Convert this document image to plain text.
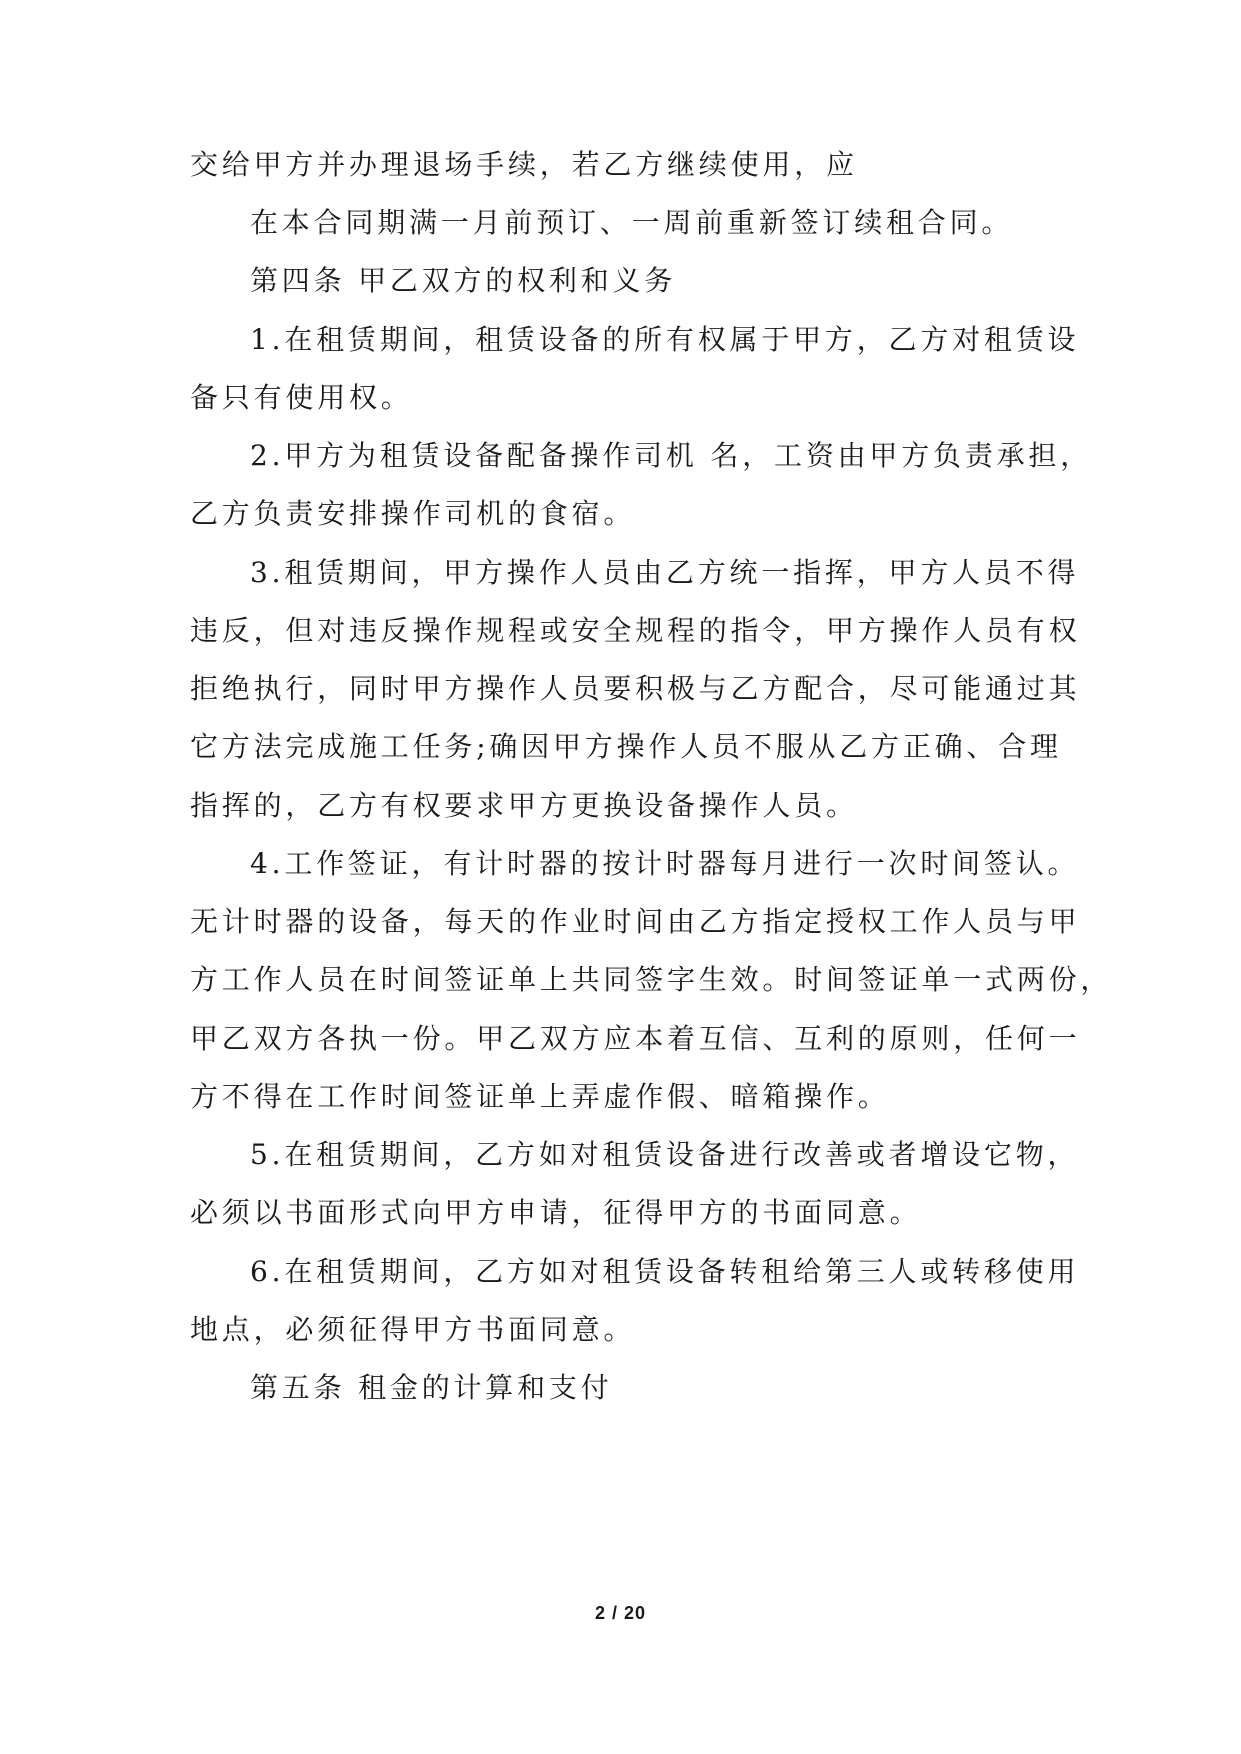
交给甲方并办理退场手续，若乙方继续使用，应
在本合同期满一月前预订、一周前重新签订续租合同。
第四条 甲乙双方的权利和义务
1.在租赁期间，租赁设备的所有权属于甲方，乙方对租赁设
备只有使用权。
2.甲方为租赁设备配备操作司机 名，工资由甲方负责承担，
乙方负责安排操作司机的食宿。
3.租赁期间，甲方操作人员由乙方统一指挥，甲方人员不得
违反，但对违反操作规程或安全规程的指令，甲方操作人员有权
拒绝执行，同时甲方操作人员要积极与乙方配合，尽可能通过其
它方法完成施工任务;确因甲方操作人员不服从乙方正确、合理
指挥的，乙方有权要求甲方更换设备操作人员。
4.工作签证，有计时器的按计时器每月进行一次时间签认。
无计时器的设备，每天的作业时间由乙方指定授权工作人员与甲
方工作人员在时间签证单上共同签字生效。时间签证单一式两份，
甲乙双方各执一份。甲乙双方应本着互信、互利的原则，任何一
方不得在工作时间签证单上弄虚作假、暗箱操作。
5.在租赁期间，乙方如对租赁设备进行改善或者增设它物，
必须以书面形式向甲方申请，征得甲方的书面同意。
6.在租赁期间，乙方如对租赁设备转租给第三人或转移使用
地点，必须征得甲方书面同意。
第五条 租金的计算和支付
2 / 20
